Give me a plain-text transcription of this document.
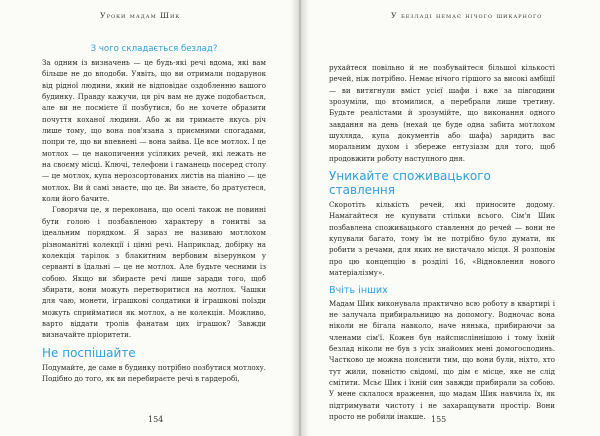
Уроки мадам Шик
З чого складається безлад?

За одним із визначень — це будь-які речі вдома, які вам більше не до вподоби. Уявіть, що ви отримали подарунок від рідної людини, який не відповідає оздобленню вашого будинку. Правду кажучи, ця річ вам не дуже подобається, але ви не посмієте її позбутися, бо не хочете образити почуття коханої людини. Або ж ви тримаєте якусь річ лише тому, що вона пов'язана з приємними спогадами, попри те, що ви впевнені — вона зайва. Це все мотлох. І це мотлох — це накопичення усіляких речей, які лежать не на своєму місці. Ключі, телефони і гаманець посеред столу — це мотлох, купа нерозсортованих листів на піаніно — це мотлох. Ви й самі знаєте, що це. Ви знаєте, бо дратуєтеся, коли його бачите.

Говорячи це, я переконана, що оселі також не повинні бути голою і позбавленою характеру в гонитві за ідеальним порядком. Я зараз не називаю мотлохом різноманітні колекції і цінні речі. Наприклад, добірку на колекція тарілок з блакитним вербовим візерунком у серванті в їдальні — це не мотлох. Але будьте чесними із собою. Якщо ви збираєте речі лише заради того, щоб збирати, вони можуть перетворитися на мотлох. Чашки для чаю, монети, іграшкові солдатики й іграшкові поїзди можуть сприйматися як мотлох, а не колекція. Можливо, варто віддати тролів фанатам цих іграшок? Завжди визначайте пріоритети.

Не поспішайте

Подумайте, де саме в будинку потрібно позбутися мотлоху. Подібно до того, як ви перебираєте речі в гардеробі,

154
У безладі немає нічого шикарного

рухайтеся повільно й не позбувайтеся більшої кількості речей, ніж потрібно. Немає нічого гіршого за високі амбіції — ви витягнули вміст усієї шафи і вже за півгодини зрозуміли, що втомилися, а перебрали лише третину. Будьте реалістами й зрозумійте, що виконання одного завдання на день (нехай це буде одна забита мотлохом шухляда, купа документів або шафа) зарядить вас моральним духом і збереже ентузіазм для того, щоб продовжити роботу наступного дня.

Уникайте споживацького ставлення

Скоротіть кількість речей, які приносите додому. Намагайтеся не купувати стільки всього. Сім'я Шик позбавлена споживацького ставлення до речей — вони не купували багато, тому їм не потрібно було думати, як робити з речами, для яких не вистачало місця. Я розповім про цю концепцію в розділі 16, «Відновлення нового матеріалізму».

Вчіть інших

Мадам Шик виконувала практично всю роботу в квартирі і не залучала прибиральницю на допомогу. Водночас вона ніколи не бігала навколо, наче нянька, прибираючи за членами сім'ї. Кожен був найсписліннішою і тому їхній безлад ніколи не був з усіх знайомих мені домогосподинь. Частково це можна пояснити тим, що вони були, ніхто, хто тут жили, повністю свідомі, що дім є місце, яке не слід смітити. Мсьє Шик і їхній син завжди прибирали за собою. У мене склалося враження, що мадам Шик навчила їх, як підтримувати чистоту і не захаращувати простір. Вони просто не робили інакше. 155
